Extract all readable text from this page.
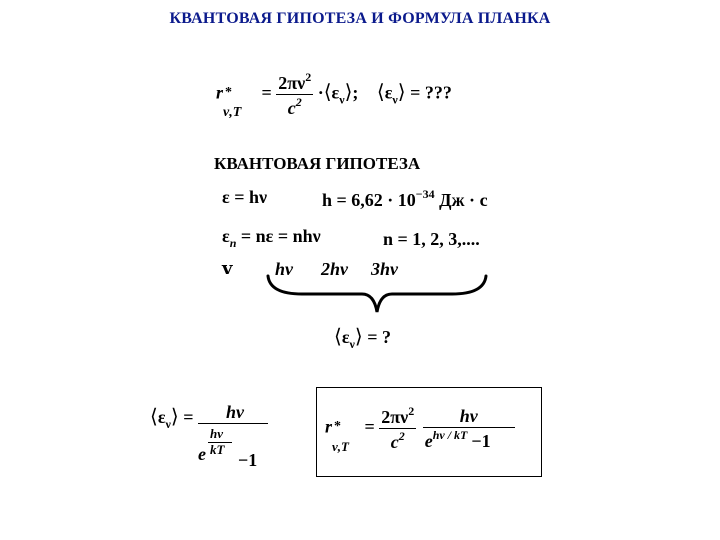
КВАНТОВАЯ ГИПОТЕЗА И ФОРМУЛА ПЛАНКА
r *
ν,T
= $\frac{2\pi\nu^2}{c^2}$ $\cdot⟨\varepsilon_\nu⟩$; $⟨\varepsilon_\nu⟩$ = ???
КВАНТОВАЯ ГИПОТЕЗА
ε = hν	$h = 6,62 \cdot 10^{-34}$ Дж · с
$\varepsilon_n = n\varepsilon = nh\nu$	n = 1, 2, 3,....
ⅴ hν 2hν 3hν
$⟨\varepsilon_\nu⟩$ = ?
$⟨\varepsilon_\nu⟩ = h\nu$
hν
e kT
−1	r *
ν,T
= $\frac{2\pi\nu^2}{c^2}$
$\frac{h\nu}{e^{h\nu / kT} -1}$
